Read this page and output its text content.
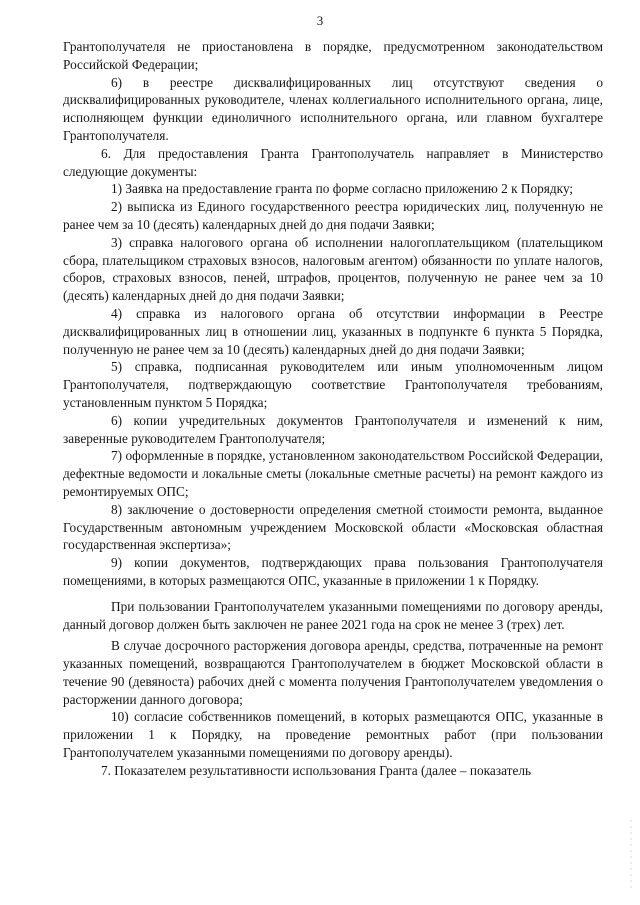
3

Грантополучателя не приостановлена в порядке, предусмотренном законодательством Российской Федерации;

6) в реестре дисквалифицированных лиц отсутствуют сведения о дисквалифицированных руководителе, членах коллегиального исполнительного органа, лице, исполняющем функции единоличного исполнительного органа, или главном бухгалтере Грантополучателя.

6. Для предоставления Гранта Грантополучатель направляет в Министерство следующие документы:

1) Заявка на предоставление гранта по форме согласно приложению 2 к Порядку;

2) выписка из Единого государственного реестра юридических лиц, полученную не ранее чем за 10 (десять) календарных дней до дня подачи Заявки;

3) справка налогового органа об исполнении налогоплательщиком (плательщиком сбора, плательщиком страховых взносов, налоговым агентом) обязанности по уплате налогов, сборов, страховых взносов, пеней, штрафов, процентов, полученную не ранее чем за 10 (десять) календарных дней до дня подачи Заявки;

4) справка из налогового органа об отсутствии информации в Реестре дисквалифицированных лиц в отношении лиц, указанных в подпункте 6 пункта 5 Порядка, полученную не ранее чем за 10 (десять) календарных дней до дня подачи Заявки;

5) справка, подписанная руководителем или иным уполномоченным лицом Грантополучателя, подтверждающую соответствие Грантополучателя требованиям, установленным пунктом 5 Порядка;

6) копии учредительных документов Грантополучателя и изменений к ним, заверенные руководителем Грантополучателя;

7) оформленные в порядке, установленном законодательством Российской Федерации, дефектные ведомости и локальные сметы (локальные сметные расчеты) на ремонт каждого из ремонтируемых ОПС;

8) заключение о достоверности определения сметной стоимости ремонта, выданное Государственным автономным учреждением Московской области «Московская областная государственная экспертиза»;

9) копии документов, подтверждающих права пользования Грантополучателя помещениями, в которых размещаются ОПС, указанные в приложении 1 к Порядку.

При пользовании Грантополучателем указанными помещениями по договору аренды, данный договор должен быть заключен не ранее 2021 года на срок не менее 3 (трех) лет.

В случае досрочного расторжения договора аренды, средства, потраченные на ремонт указанных помещений, возвращаются Грантополучателем в бюджет Московской области в течение 90 (девяноста) рабочих дней с момента получения Грантополучателем уведомления о расторжении данного договора;

10) согласие собственников помещений, в которых размещаются ОПС, указанные в приложении 1 к Порядку, на проведение ремонтных работ (при пользовании Грантополучателем указанными помещениями по договору аренды).

7. Показателем результативности использования Гранта (далее – показатель
